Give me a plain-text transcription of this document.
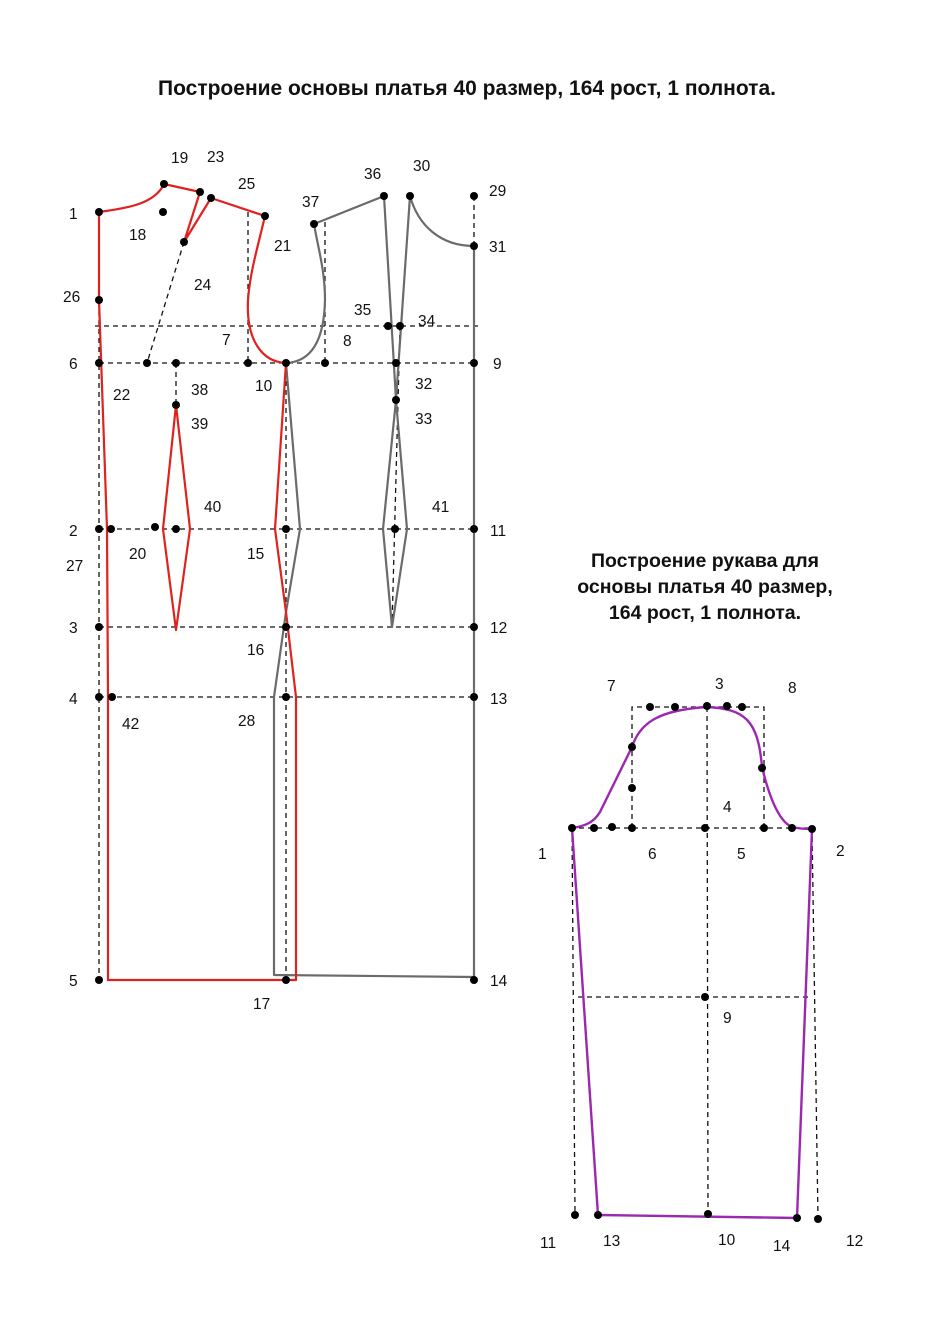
Построение основы платья 40 размер, 164 рост, 1 полнота.
Построение рукава для
основы платья 40 размер,
164 рост, 1 полнота.
1
2
3
4
5
6
7	8
9
10
11
12
13
14
15
16
17
18
19
20
21
22
23
24
25
26
27
28
29
30
31
32
33
34
35
36
37
38
39
40	41
42
1	2
3
4
5
6
7	8
9
10
11	12
13	14
